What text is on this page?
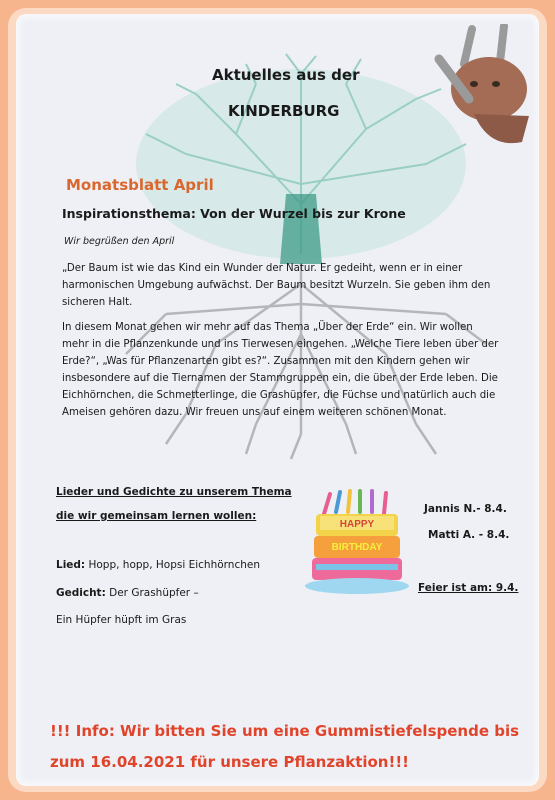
Aktuelles aus der
KINDERBURG
Monatsblatt April
Inspirationsthema: Von der Wurzel bis zur Krone
Wir begrüßen den April
„Der Baum ist wie das Kind ein Wunder der Natur. Er gedeiht, wenn er in einer harmonischen Umgebung aufwächst. Der Baum besitzt Wurzeln. Sie geben ihm den sicheren Halt.
In diesem Monat gehen wir mehr auf das Thema „Über der Erde“ ein. Wir wollen mehr in die Pflanzenkunde und ins Tierwesen eingehen. „Welche Tiere leben über der Erde?“, „Was für Pflanzenarten gibt es?“. Zusammen mit den Kindern gehen wir insbesondere auf die Tiernamen der Stammgruppen ein, die über der Erde leben. Die Eichhörnchen, die Schmetterlinge, die Grashüpfer, die Füchse und natürlich auch die Ameisen gehören dazu. Wir freuen uns auf einem weiteren schönen Monat.
Lieder und Gedichte zu unserem Thema
die wir gemeinsam lernen wollen:
Lied: Hopp, hopp, Hopsi Eichhörnchen
Gedicht: Der Grashüpfer –
Ein Hüpfer hüpft im Gras
HAPPY
BIRTHDAY
Jannis N.- 8.4.
Matti A. - 8.4.
Feier ist am: 9.4.
!!! Info: Wir bitten Sie um eine Gummistiefelspende bis zum 16.04.2021 für unsere Pflanzaktion!!!
